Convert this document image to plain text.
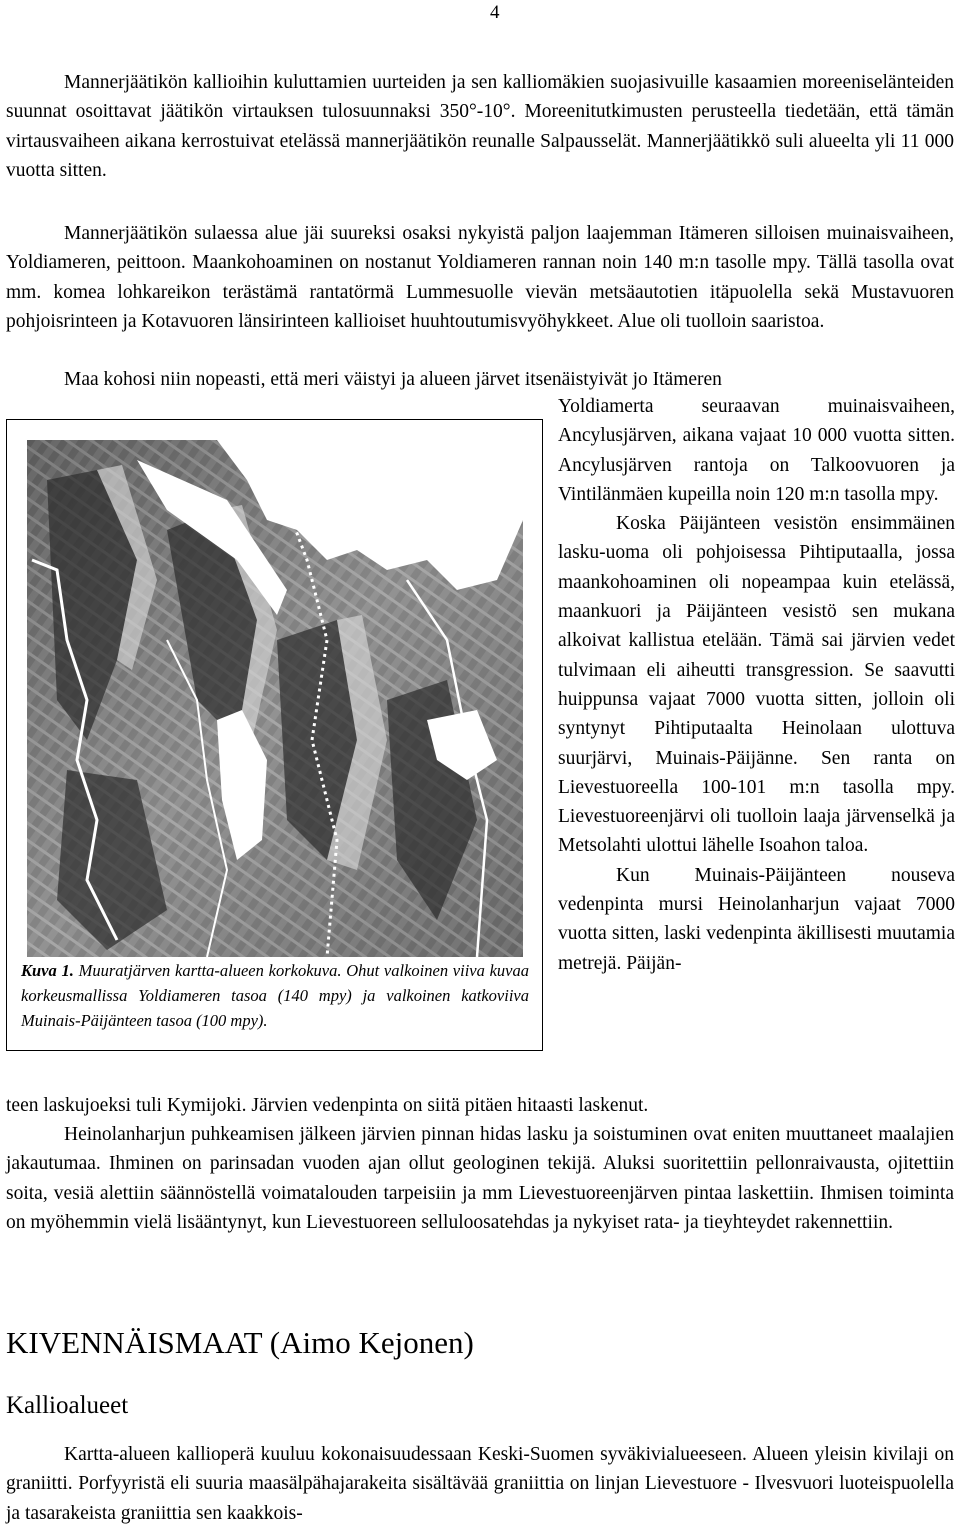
4

Mannerjäätikön kallioihin kuluttamien uurteiden ja sen kalliomäkien suojasivuille kasaamien moreeniselänteiden suunnat osoittavat jäätikön virtauksen tulosuunnaksi 350°-10°. Moreenitutkimusten perusteella tiedetään, että tämän virtausvaiheen aikana kerrostuivat etelässä mannerjäätikön reunalle Salpausselät. Mannerjäätikkö suli alueelta yli 11 000 vuotta sitten.

Mannerjäätikön sulaessa alue jäi suureksi osaksi nykyistä paljon laajemman Itämeren silloisen muinaisvaiheen, Yoldiameren, peittoon. Maankohoaminen on nostanut Yoldiameren rannan noin 140 m:n tasolle mpy. Tällä tasolla ovat mm. komea lohkareikon terästämä rantatörmä Lummesuolle vievän metsäautotien itäpuolella sekä Mustavuoren pohjoisrinteen ja Kotavuoren länsirinteen kallioiset huuhtoutumisvyöhykkeet. Alue oli tuolloin saaristoa.

Maa kohosi niin nopeasti, että meri väistyi ja alueen järvet itsenäistyivät jo Itämeren

Yoldiamerta seuraavan muinaisvaiheen, Ancylusjärven, aikana vajaat 10 000 vuotta sitten. Ancylusjärven rantoja on Talkoovuoren ja Vintilänmäen kupeilla noin 120 m:n tasolla mpy.

Koska Päijänteen vesistön ensimmäinen lasku-uoma oli pohjoisessa Pihtiputaalla, jossa maankohoaminen oli nopeampaa kuin etelässä, maankuori ja Päijänteen vesistö sen mukana alkoivat kallistua etelään. Tämä sai järvien vedet tulvimaan eli aiheutti transgression. Se saavutti huippunsa vajaat 7000 vuotta sitten, jolloin oli syntynyt Pihtiputaalta Heinolaan ulottuva suurjärvi, Muinais-Päijänne. Sen ranta on Lievestuoreella 100-101 m:n tasolla mpy. Lievestuoreenjärvi oli tuolloin laaja järvenselkä ja Metsolahti ulottui lähelle Isoahon taloa.

Kun Muinais-Päijänteen nouseva vedenpinta mursi Heinolanharjun vajaat 7000 vuotta sitten, laski vedenpinta äkillisesti muutamia metrejä. Päijän-

Kuva 1. Muuratjärven kartta-alueen korkokuva. Ohut valkoinen viiva kuvaa korkeusmallissa Yoldiameren tasoa (140 mpy) ja valkoinen katkoviiva Muinais-Päijänteen tasoa (100 mpy).

teen laskujoeksi tuli Kymijoki. Järvien vedenpinta on siitä pitäen hitaasti laskenut.

Heinolanharjun puhkeamisen jälkeen järvien pinnan hidas lasku ja soistuminen ovat eniten muuttaneet maalajien jakautumaa. Ihminen on parinsadan vuoden ajan ollut geologinen tekijä. Aluksi suoritettiin pellonraivausta, ojitettiin soita, vesiä alettiin säännöstellä voimatalouden tarpeisiin ja mm Lievestuoreenjärven pintaa laskettiin. Ihmisen toiminta on myöhemmin vielä lisääntynyt, kun Lievestuoreen selluloosatehdas ja nykyiset rata- ja tieyhteydet rakennettiin.

KIVENNÄISMAAT (Aimo Kejonen)
Kallioalueet

Kartta-alueen kallioperä kuuluu kokonaisuudessaan Keski-Suomen syväkivialueeseen. Alueen yleisin kivilaji on graniitti. Porfyyristä eli suuria maasälpähajarakeita sisältävää graniittia on linjan Lievestuore - Ilvesvuori luoteispuolella ja tasarakeista graniittia sen kaakkois-
